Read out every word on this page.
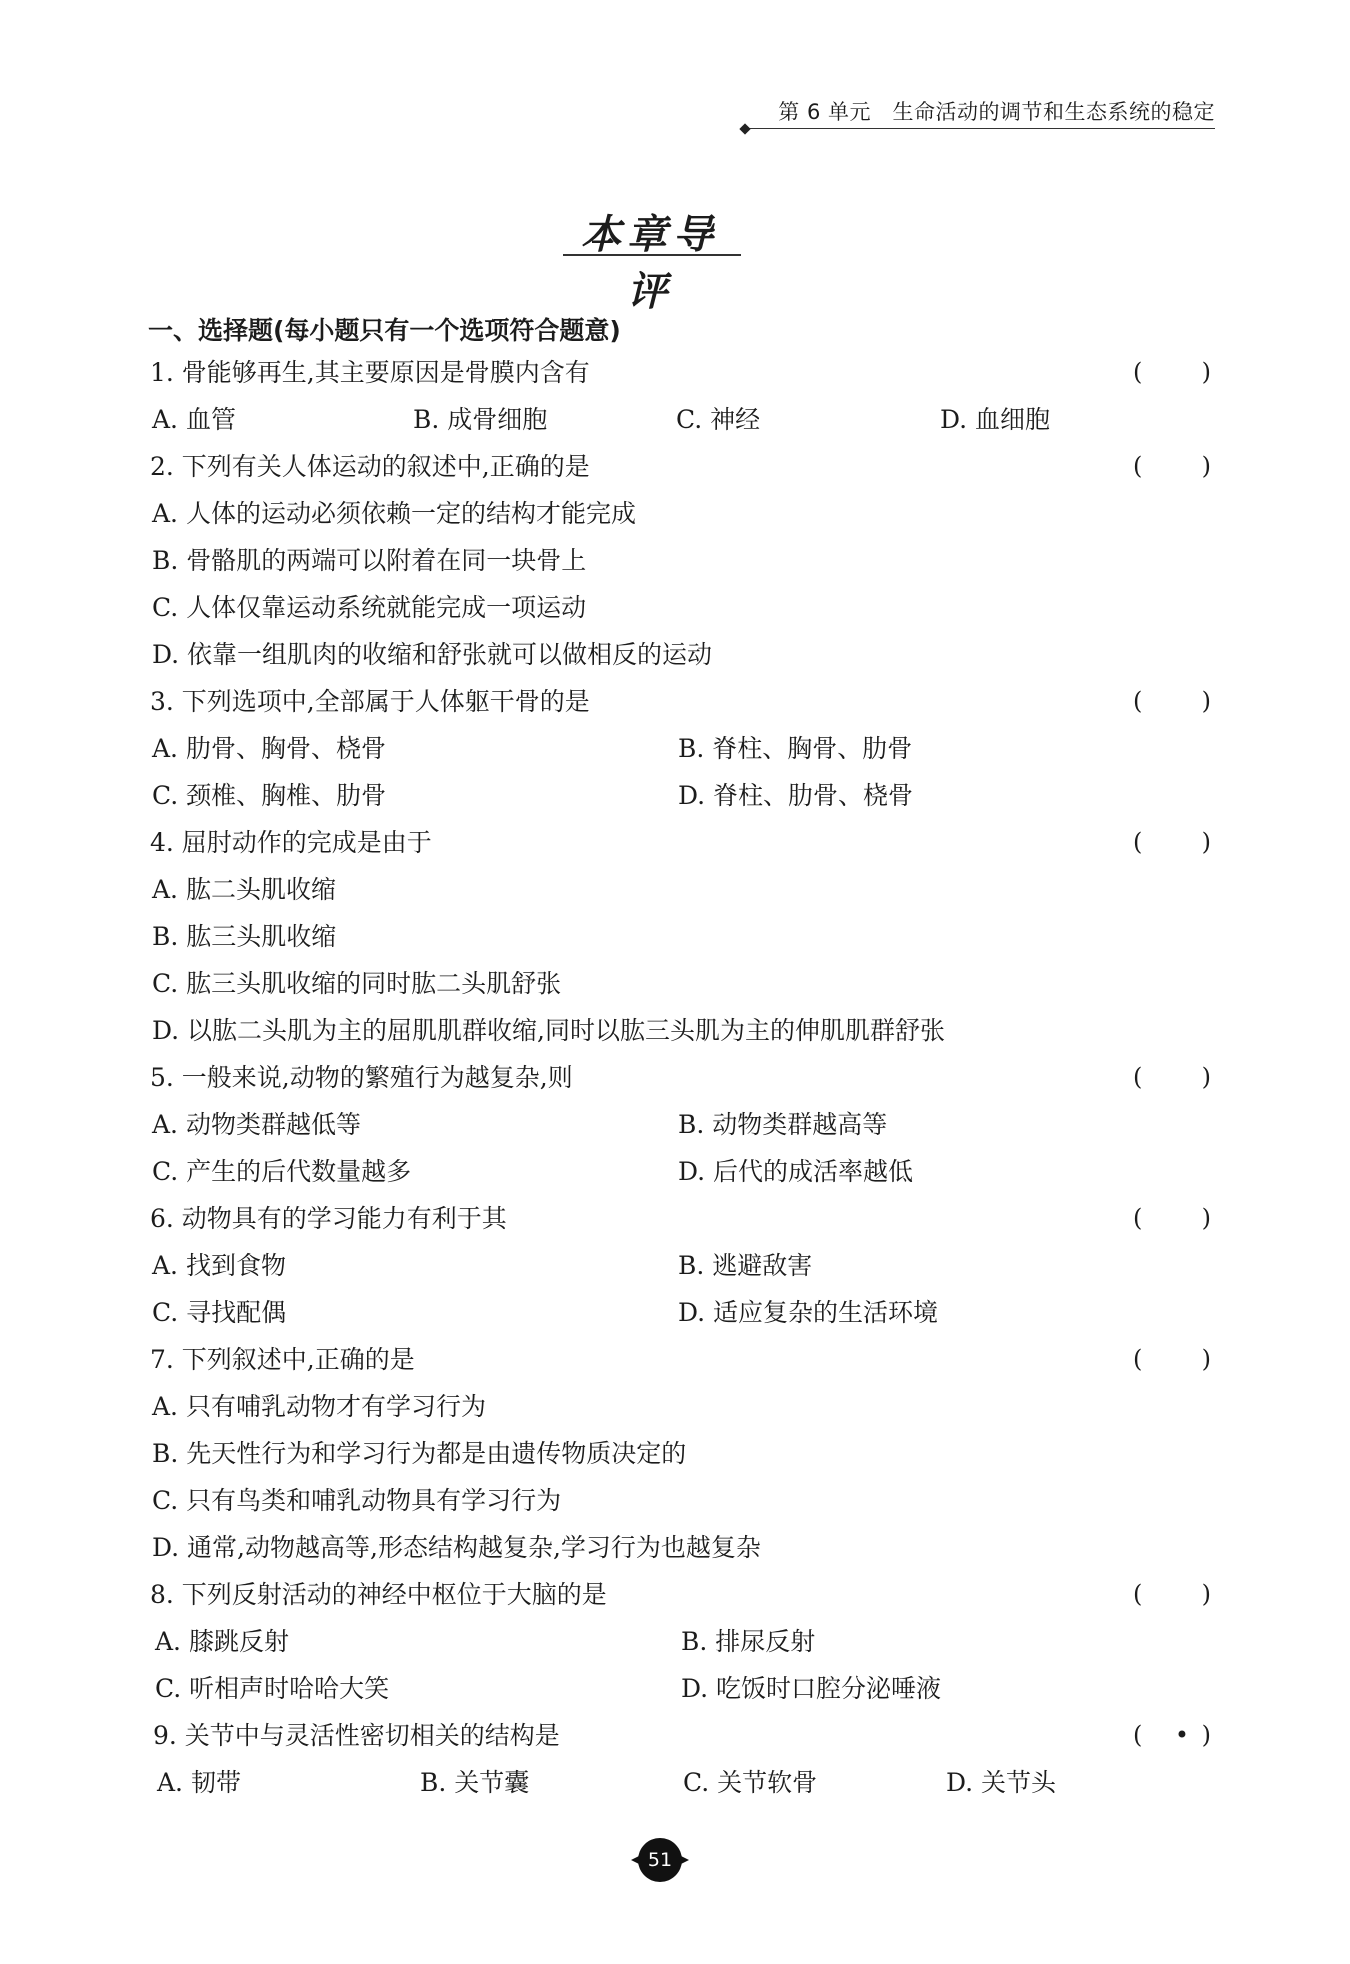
第 6 单元　生命活动的调节和生态系统的稳定
本章导评
一、选择题(每小题只有一个选项符合题意)
1. 骨能够再生,其主要原因是骨膜内含有	( )
A. 血管	B. 成骨细胞	C. 神经	D. 血细胞
2. 下列有关人体运动的叙述中,正确的是	( )
A. 人体的运动必须依赖一定的结构才能完成
B. 骨骼肌的两端可以附着在同一块骨上
C. 人体仅靠运动系统就能完成一项运动
D. 依靠一组肌肉的收缩和舒张就可以做相反的运动
3. 下列选项中,全部属于人体躯干骨的是	( )
A. 肋骨、胸骨、桡骨	B. 脊柱、胸骨、肋骨
C. 颈椎、胸椎、肋骨	D. 脊柱、肋骨、桡骨
4. 屈肘动作的完成是由于	( )
A. 肱二头肌收缩
B. 肱三头肌收缩
C. 肱三头肌收缩的同时肱二头肌舒张
D. 以肱二头肌为主的屈肌肌群收缩,同时以肱三头肌为主的伸肌肌群舒张
5. 一般来说,动物的繁殖行为越复杂,则	( )
A. 动物类群越低等	B. 动物类群越高等
C. 产生的后代数量越多	D. 后代的成活率越低
6. 动物具有的学习能力有利于其	( )
A. 找到食物	B. 逃避敌害
C. 寻找配偶	D. 适应复杂的生活环境
7. 下列叙述中,正确的是	( )
A. 只有哺乳动物才有学习行为
B. 先天性行为和学习行为都是由遗传物质决定的
C. 只有鸟类和哺乳动物具有学习行为
D. 通常,动物越高等,形态结构越复杂,学习行为也越复杂
8. 下列反射活动的神经中枢位于大脑的是	( )
A. 膝跳反射	B. 排尿反射
C. 听相声时哈哈大笑	D. 吃饭时口腔分泌唾液
9. 关节中与灵活性密切相关的结构是	( • )
A. 韧带	B. 关节囊	C. 关节软骨	D. 关节头
51
